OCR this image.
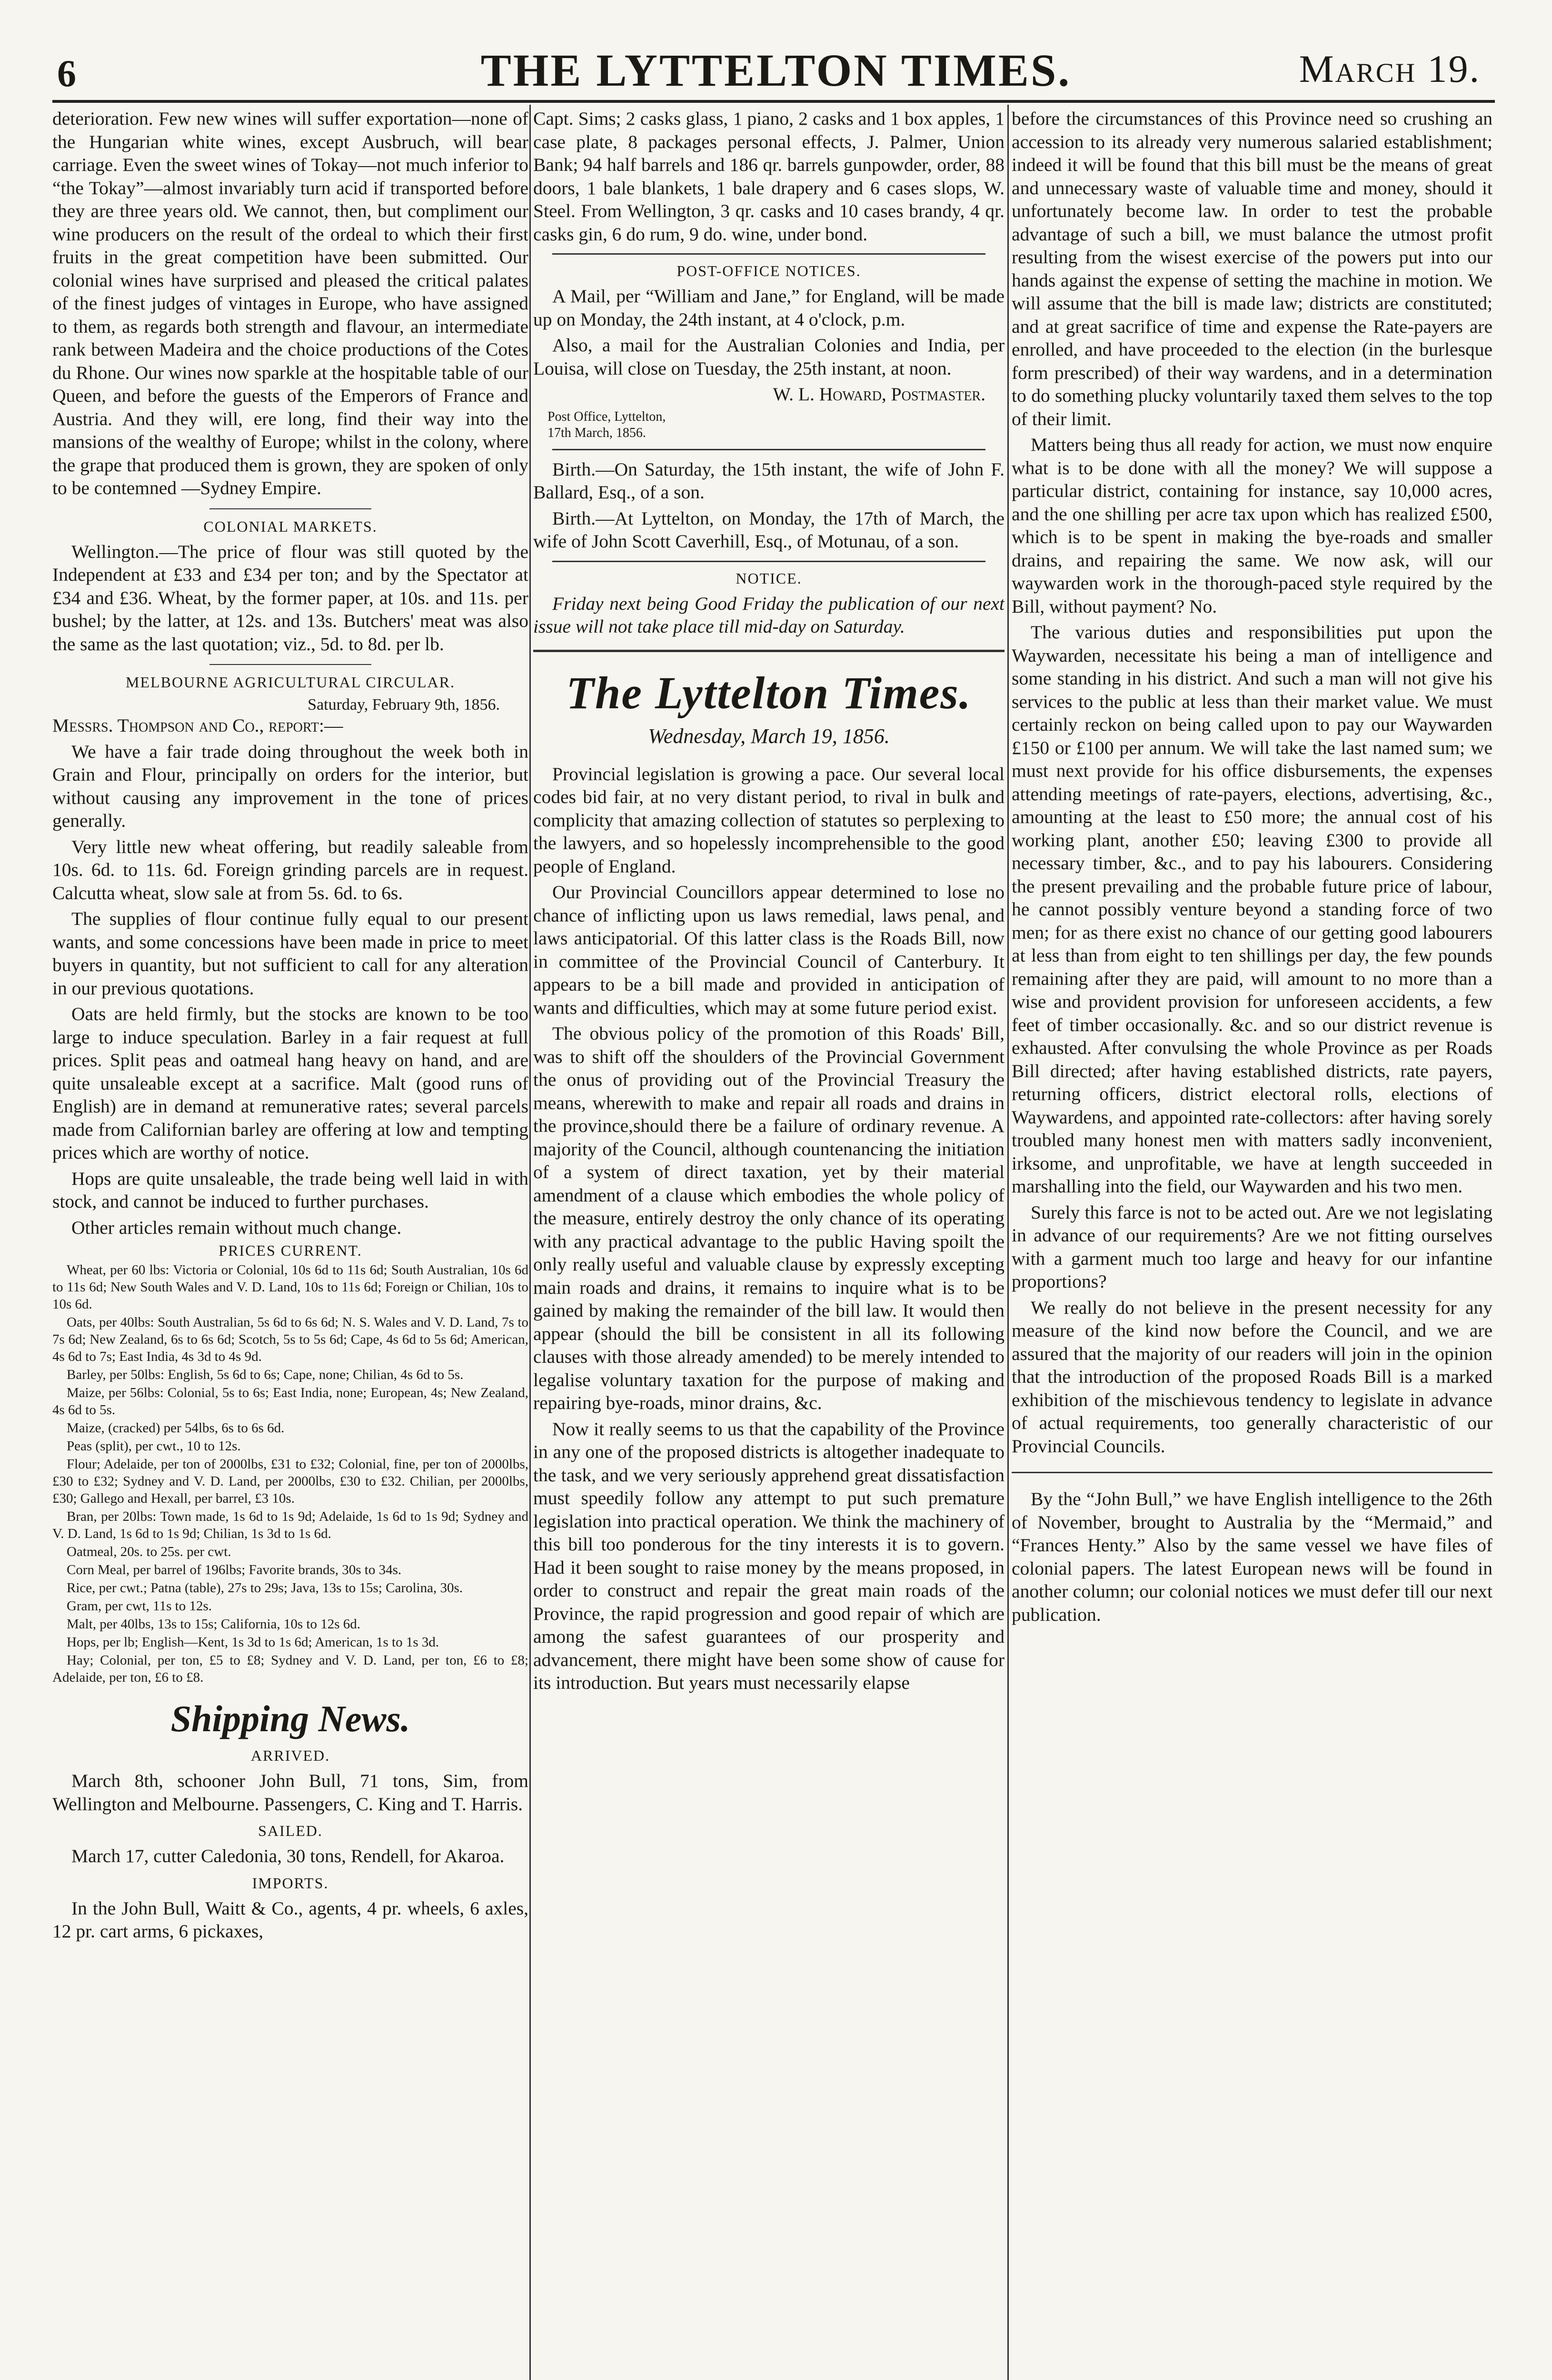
6	THE LYTTELTON TIMES.	March 19.

deterioration. Few new wines will suffer exportation—none of the Hungarian white wines, except Ausbruch, will bear carriage. Even the sweet wines of Tokay—not much inferior to “the Tokay”—almost invariably turn acid if transported before they are three years old. We cannot, then, but compliment our wine producers on the result of the ordeal to which their first fruits in the great competition have been submitted. Our colonial wines have surprised and pleased the critical palates of the finest judges of vintages in Europe, who have assigned to them, as regards both strength and flavour, an intermediate rank between Madeira and the choice productions of the Cotes du Rhone. Our wines now sparkle at the hospitable table of our Queen, and before the guests of the Emperors of France and Austria. And they will, ere long, find their way into the mansions of the wealthy of Europe; whilst in the colony, where the grape that produced them is grown, they are spoken of only to be contemned —Sydney Empire.

COLONIAL MARKETS.

Wellington.—The price of flour was still quoted by the Independent at £33 and £34 per ton; and by the Spectator at £34 and £36. Wheat, by the former paper, at 10s. and 11s. per bushel; by the latter, at 12s. and 13s. Butchers' meat was also the same as the last quotation; viz., 5d. to 8d. per lb.

MELBOURNE AGRICULTURAL CIRCULAR.
Saturday, February 9th, 1856.

Messrs. Thompson and Co., report:—

We have a fair trade doing throughout the week both in Grain and Flour, principally on orders for the interior, but without causing any improvement in the tone of prices generally.

Very little new wheat offering, but readily saleable from 10s. 6d. to 11s. 6d. Foreign grinding parcels are in request. Calcutta wheat, slow sale at from 5s. 6d. to 6s.

The supplies of flour continue fully equal to our present wants, and some concessions have been made in price to meet buyers in quantity, but not sufficient to call for any alteration in our previous quotations.

Oats are held firmly, but the stocks are known to be too large to induce speculation. Barley in a fair request at full prices. Split peas and oatmeal hang heavy on hand, and are quite unsaleable except at a sacrifice. Malt (good runs of English) are in demand at remunerative rates; several parcels made from Californian barley are offering at low and tempting prices which are worthy of notice.

Hops are quite unsaleable, the trade being well laid in with stock, and cannot be induced to further purchases.

Other articles remain without much change.

PRICES CURRENT.

Wheat, per 60 lbs: Victoria or Colonial, 10s 6d to 11s 6d; South Australian, 10s 6d to 11s 6d; New South Wales and V. D. Land, 10s to 11s 6d; Foreign or Chilian, 10s to 10s 6d.

Oats, per 40lbs: South Australian, 5s 6d to 6s 6d; N. S. Wales and V. D. Land, 7s to 7s 6d; New Zealand, 6s to 6s 6d; Scotch, 5s to 5s 6d; Cape, 4s 6d to 5s 6d; American, 4s 6d to 7s; East India, 4s 3d to 4s 9d.

Barley, per 50lbs: English, 5s 6d to 6s; Cape, none; Chilian, 4s 6d to 5s.

Maize, per 56lbs: Colonial, 5s to 6s; East India, none; European, 4s; New Zealand, 4s 6d to 5s.

Maize, (cracked) per 54lbs, 6s to 6s 6d.

Peas (split), per cwt., 10 to 12s.

Flour; Adelaide, per ton of 2000lbs, £31 to £32; Colonial, fine, per ton of 2000lbs, £30 to £32; Sydney and V. D. Land, per 2000lbs, £30 to £32. Chilian, per 2000lbs, £30; Gallego and Hexall, per barrel, £3 10s.

Bran, per 20lbs: Town made, 1s 6d to 1s 9d; Adelaide, 1s 6d to 1s 9d; Sydney and V. D. Land, 1s 6d to 1s 9d; Chilian, 1s 3d to 1s 6d.

Oatmeal, 20s. to 25s. per cwt.

Corn Meal, per barrel of 196lbs; Favorite brands, 30s to 34s.

Rice, per cwt.; Patna (table), 27s to 29s; Java, 13s to 15s; Carolina, 30s.

Gram, per cwt, 11s to 12s.

Malt, per 40lbs, 13s to 15s; California, 10s to 12s 6d.

Hops, per lb; English—Kent, 1s 3d to 1s 6d; American, 1s to 1s 3d.

Hay; Colonial, per ton, £5 to £8; Sydney and V. D. Land, per ton, £6 to £8; Adelaide, per ton, £6 to £8.

Shipping News.
ARRIVED.

March 8th, schooner John Bull, 71 tons, Sim, from Wellington and Melbourne. Passengers, C. King and T. Harris.

SAILED.

March 17, cutter Caledonia, 30 tons, Rendell, for Akaroa.

IMPORTS.

In the John Bull, Waitt & Co., agents, 4 pr. wheels, 6 axles, 12 pr. cart arms, 6 pickaxes,

Capt. Sims; 2 casks glass, 1 piano, 2 casks and 1 box apples, 1 case plate, 8 packages personal effects, J. Palmer, Union Bank; 94 half barrels and 186 qr. barrels gunpowder, order, 88 doors, 1 bale blankets, 1 bale drapery and 6 cases slops, W. Steel. From Wellington, 3 qr. casks and 10 cases brandy, 4 qr. casks gin, 6 do rum, 9 do. wine, under bond.

POST-OFFICE NOTICES.

A Mail, per “William and Jane,” for England, will be made up on Monday, the 24th instant, at 4 o'clock, p.m.

Also, a mail for the Australian Colonies and India, per Louisa, will close on Tuesday, the 25th instant, at noon.

W. L. Howard, Postmaster.

Post Office, Lyttelton,
17th March, 1856.

Birth.—On Saturday, the 15th instant, the wife of John F. Ballard, Esq., of a son.

Birth.—At Lyttelton, on Monday, the 17th of March, the wife of John Scott Caverhill, Esq., of Motunau, of a son.

NOTICE.

Friday next being Good Friday the publication of our next issue will not take place till mid-day on Saturday.

The Lyttelton Times.
Wednesday, March 19, 1856.

Provincial legislation is growing a pace. Our several local codes bid fair, at no very distant period, to rival in bulk and complicity that amazing collection of statutes so perplexing to the lawyers, and so hopelessly incomprehensible to the good people of England.

Our Provincial Councillors appear determined to lose no chance of inflicting upon us laws remedial, laws penal, and laws anticipatorial. Of this latter class is the Roads Bill, now in committee of the Provincial Council of Canterbury. It appears to be a bill made and provided in anticipation of wants and difficulties, which may at some future period exist.

The obvious policy of the promotion of this Roads' Bill, was to shift off the shoulders of the Provincial Government the onus of providing out of the Provincial Treasury the means, wherewith to make and repair all roads and drains in the province,should there be a failure of ordinary revenue. A majority of the Council, although countenancing the initiation of a system of direct taxation, yet by their material amendment of a clause which embodies the whole policy of the measure, entirely destroy the only chance of its operating with any practical advantage to the public Having spoilt the only really useful and valuable clause by expressly excepting main roads and drains, it remains to inquire what is to be gained by making the remainder of the bill law. It would then appear (should the bill be consistent in all its following clauses with those already amended) to be merely intended to legalise voluntary taxation for the purpose of making and repairing bye-roads, minor drains, &c.

Now it really seems to us that the capability of the Province in any one of the proposed districts is altogether inadequate to the task, and we very seriously apprehend great dissatisfaction must speedily follow any attempt to put such premature legislation into practical operation. We think the machinery of this bill too ponderous for the tiny interests it is to govern. Had it been sought to raise money by the means proposed, in order to construct and repair the great main roads of the Province, the rapid progression and good repair of which are among the safest guarantees of our prosperity and advancement, there might have been some show of cause for its introduction. But years must necessarily elapse

before the circumstances of this Province need so crushing an accession to its already very numerous salaried establishment; indeed it will be found that this bill must be the means of great and unnecessary waste of valuable time and money, should it unfortunately become law. In order to test the probable advantage of such a bill, we must balance the utmost profit resulting from the wisest exercise of the powers put into our hands against the expense of setting the machine in motion. We will assume that the bill is made law; districts are constituted; and at great sacrifice of time and expense the Rate-payers are enrolled, and have proceeded to the election (in the burlesque form prescribed) of their way wardens, and in a determination to do something plucky voluntarily taxed them selves to the top of their limit.

Matters being thus all ready for action, we must now enquire what is to be done with all the money? We will suppose a particular district, containing for instance, say 10,000 acres, and the one shilling per acre tax upon which has realized £500, which is to be spent in making the bye-roads and smaller drains, and repairing the same. We now ask, will our waywarden work in the thorough-paced style required by the Bill, without payment? No.

The various duties and responsibilities put upon the Waywarden, necessitate his being a man of intelligence and some standing in his district. And such a man will not give his services to the public at less than their market value. We must certainly reckon on being called upon to pay our Waywarden £150 or £100 per annum. We will take the last named sum; we must next provide for his office disbursements, the expenses attending meetings of rate-payers, elections, advertising, &c., amounting at the least to £50 more; the annual cost of his working plant, another £50; leaving £300 to provide all necessary timber, &c., and to pay his labourers. Considering the present prevailing and the probable future price of labour, he cannot possibly venture beyond a standing force of two men; for as there exist no chance of our getting good labourers at less than from eight to ten shillings per day, the few pounds remaining after they are paid, will amount to no more than a wise and provident provision for unforeseen accidents, a few feet of timber occasionally. &c. and so our district revenue is exhausted. After convulsing the whole Province as per Roads Bill directed; after having established districts, rate payers, returning officers, district electoral rolls, elections of Waywardens, and appointed rate-collectors: after having sorely troubled many honest men with matters sadly inconvenient, irksome, and unprofitable, we have at length succeeded in marshalling into the field, our Waywarden and his two men.

Surely this farce is not to be acted out. Are we not legislating in advance of our requirements? Are we not fitting ourselves with a garment much too large and heavy for our infantine proportions?

We really do not believe in the present necessity for any measure of the kind now before the Council, and we are assured that the majority of our readers will join in the opinion that the introduction of the proposed Roads Bill is a marked exhibition of the mischievous tendency to legislate in advance of actual requirements, too generally characteristic of our Provincial Councils.

By the “John Bull,” we have English intelligence to the 26th of November, brought to Australia by the “Mermaid,” and “Frances Henty.” Also by the same vessel we have files of colonial papers. The latest European news will be found in another column; our colonial notices we must defer till our next publication.
